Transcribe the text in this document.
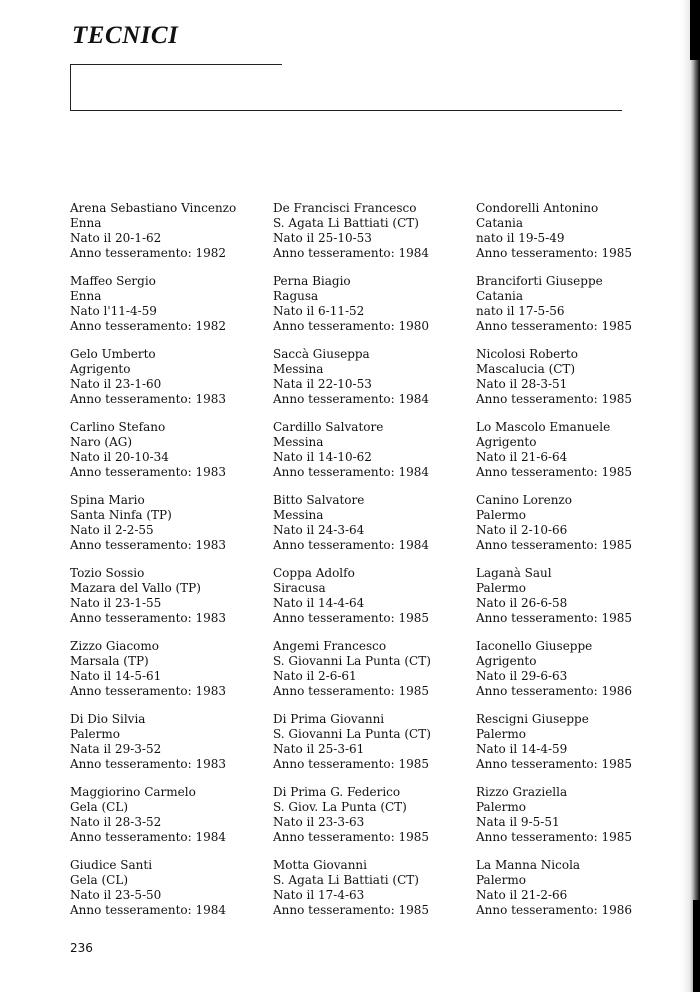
TECNICI
Arena Sebastiano Vincenzo
Enna
Nato il 20-1-62
Anno tesseramento: 1982
Maffeo Sergio
Enna
Nato l'11-4-59
Anno tesseramento: 1982
Gelo Umberto
Agrigento
Nato il 23-1-60
Anno tesseramento: 1983
Carlino Stefano
Naro (AG)
Nato il 20-10-34
Anno tesseramento: 1983
Spina Mario
Santa Ninfa (TP)
Nato il 2-2-55
Anno tesseramento: 1983
Tozio Sossio
Mazara del Vallo (TP)
Nato il 23-1-55
Anno tesseramento: 1983
Zizzo Giacomo
Marsala (TP)
Nato il 14-5-61
Anno tesseramento: 1983
Di Dio Silvia
Palermo
Nata il 29-3-52
Anno tesseramento: 1983
Maggiorino Carmelo
Gela (CL)
Nato il 28-3-52
Anno tesseramento: 1984
Giudice Santi
Gela (CL)
Nato il 23-5-50
Anno tesseramento: 1984
De Francisci Francesco
S. Agata Li Battiati (CT)
Nato il 25-10-53
Anno tesseramento: 1984
Perna Biagio
Ragusa
Nato il 6-11-52
Anno tesseramento: 1980
Saccà Giuseppa
Messina
Nata il 22-10-53
Anno tesseramento: 1984
Cardillo Salvatore
Messina
Nato il 14-10-62
Anno tesseramento: 1984
Bitto Salvatore
Messina
Nato il 24-3-64
Anno tesseramento: 1984
Coppa Adolfo
Siracusa
Nato il 14-4-64
Anno tesseramento: 1985
Angemi Francesco
S. Giovanni La Punta (CT)
Nato il 2-6-61
Anno tesseramento: 1985
Di Prima Giovanni
S. Giovanni La Punta (CT)
Nato il 25-3-61
Anno tesseramento: 1985
Di Prima G. Federico
S. Giov. La Punta (CT)
Nato il 23-3-63
Anno tesseramento: 1985
Motta Giovanni
S. Agata Li Battiati (CT)
Nato il 17-4-63
Anno tesseramento: 1985
Condorelli Antonino
Catania
nato il 19-5-49
Anno tesseramento: 1985
Branciforti Giuseppe
Catania
nato il 17-5-56
Anno tesseramento: 1985
Nicolosi Roberto
Mascalucia (CT)
Nato il 28-3-51
Anno tesseramento: 1985
Lo Mascolo Emanuele
Agrigento
Nato il 21-6-64
Anno tesseramento: 1985
Canino Lorenzo
Palermo
Nato il 2-10-66
Anno tesseramento: 1985
Laganà Saul
Palermo
Nato il 26-6-58
Anno tesseramento: 1985
Iaconello Giuseppe
Agrigento
Nato il 29-6-63
Anno tesseramento: 1986
Rescigni Giuseppe
Palermo
Nato il 14-4-59
Anno tesseramento: 1985
Rizzo Graziella
Palermo
Nata il 9-5-51
Anno tesseramento: 1985
La Manna Nicola
Palermo
Nato il 21-2-66
Anno tesseramento: 1986
236
